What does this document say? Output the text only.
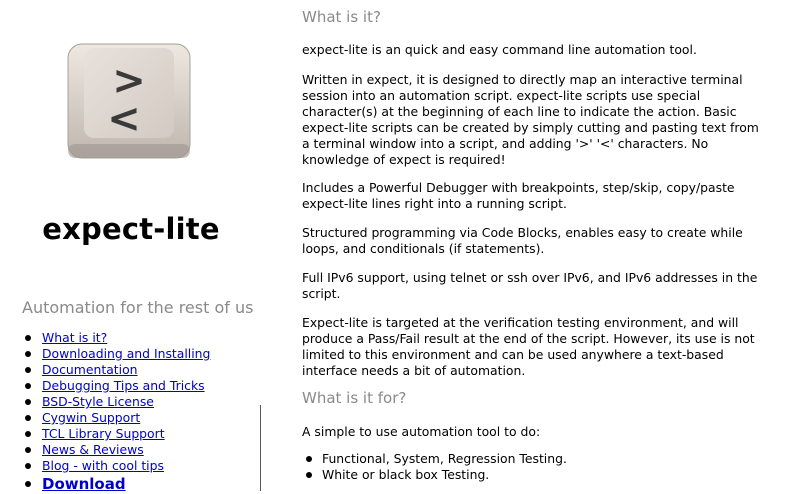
>
<
expect-lite
Automation for the rest of us
What is it?
Downloading and Installing
Documentation
Debugging Tips and Tricks
BSD-Style License
Cygwin Support
TCL Library Support
News & Reviews
Blog - with cool tips
Download
What is it?

expect-lite is an quick and easy command line automation tool.

Written in expect, it is designed to directly map an interactive terminal session into an automation script. expect-lite scripts use special character(s) at the beginning of each line to indicate the action. Basic expect-lite scripts can be created by simply cutting and pasting text from a terminal window into a script, and adding '>' '<' characters. No knowledge of expect is required!

Includes a Powerful Debugger with breakpoints, step/skip, copy/paste expect-lite lines right into a running script.

Structured programming via Code Blocks, enables easy to create while loops, and conditionals (if statements).

Full IPv6 support, using telnet or ssh over IPv6, and IPv6 addresses in the script.

Expect-lite is targeted at the verification testing environment, and will produce a Pass/Fail result at the end of the script. However, its use is not limited to this environment and can be used anywhere a text-based interface needs a bit of automation.

What is it for?

A simple to use automation tool to do:

Functional, System, Regression Testing.
White or black box Testing.
